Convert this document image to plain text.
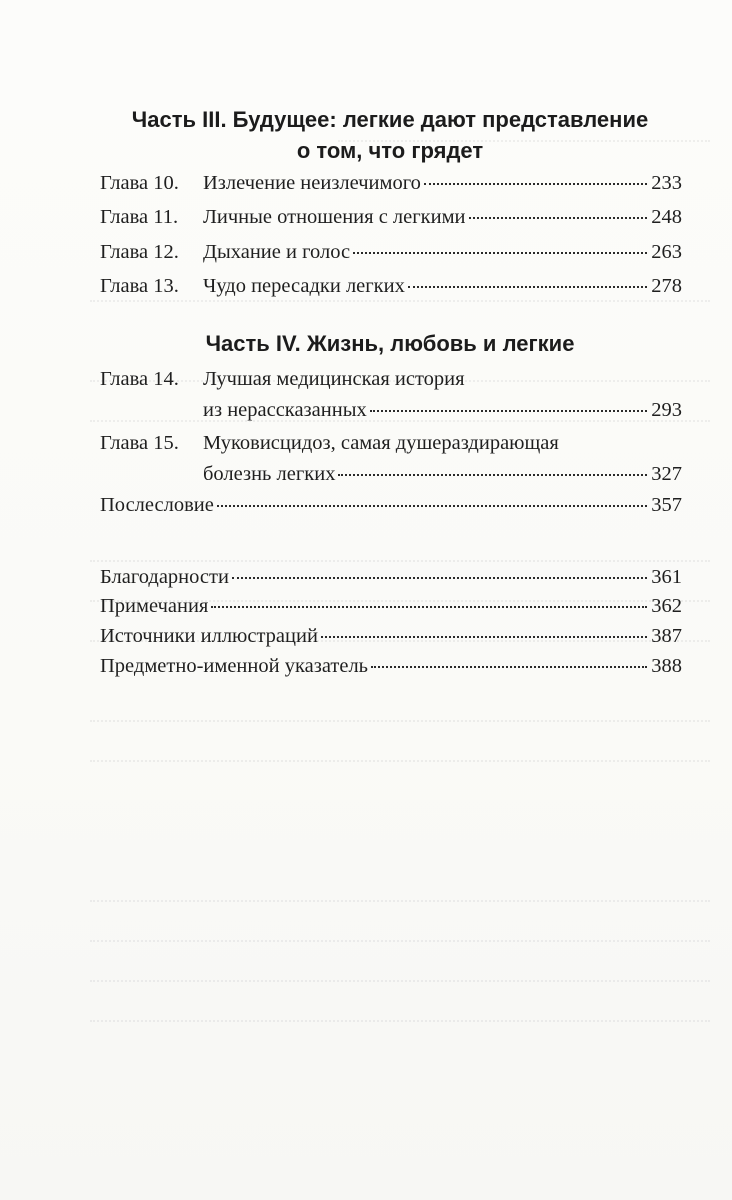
Часть III. Будущее: легкие дают представление
о том, что грядет
Глава 10.	Излечение неизлечимого	233
Глава 11.	Личные отношения с легкими	248
Глава 12.	Дыхание и голос	263
Глава 13.	Чудо пересадки легких	278
Часть IV. Жизнь, любовь и легкие
Глава 14.	Лучшая медицинская история
из нерассказанных	293
Глава 15.	Муковисцидоз, самая душераздирающая
болезнь легких	327
Послесловие	357
Благодарности	361
Примечания	362
Источники иллюстраций	387
Предметно-именной указатель	388
